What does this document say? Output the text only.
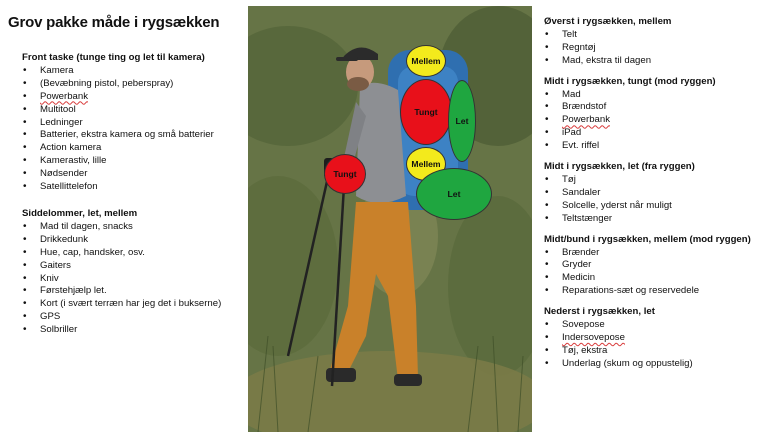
Grov pakke måde i rygsækken

Front taske (tunge ting og let til kamera)

• Kamera
• (Bevæbning pistol, peberspray)
• Powerbank
• Multitool
• Ledninger
• Batterier, ekstra kamera og små batterier
• Action kamera
• Kamerastiv, lille
• Nødsender
• Satellittelefon

Siddelommer, let, mellem

• Mad til dagen, snacks
• Drikkedunk
• Hue, cap, handsker, osv.
• Gaiters
• Kniv
• Førstehjælp let.
• Kort (i svært terræn har jeg det i bukserne)
• GPS
• Solbriller
Mellem
Tungt
Let
Mellem
Let
Tungt

Øverst i rygsækken, mellem

• Telt
• Regntøj
• Mad, ekstra til dagen

Midt i rygsækken, tungt (mod ryggen)

• Mad
• Brændstof
• Powerbank
• iPad
• Evt. riffel

Midt i rygsækken, let (fra ryggen)

• Tøj
• Sandaler
• Solcelle, yderst når muligt
• Teltstænger

Midt/bund i rygsækken, mellem (mod ryggen)

• Brænder
• Gryder
• Medicin
• Reparations-sæt og reservedele

Nederst i rygsækken, let

• Sovepose
• Indersovepose
• Tøj, ekstra
• Underlag (skum og oppustelig)
